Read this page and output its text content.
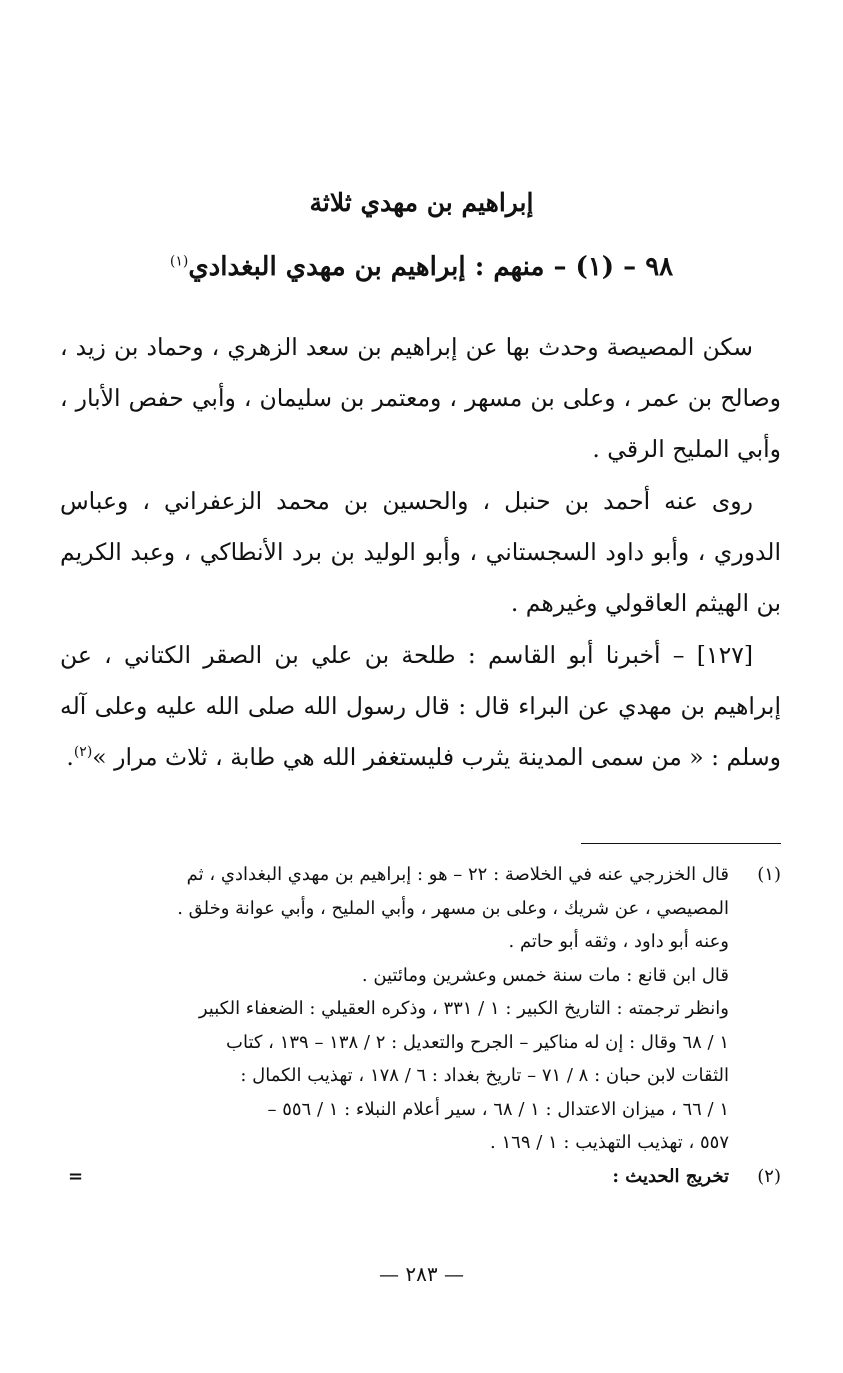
إبراهيم بن مهدي ثلاثة
٩٨ – (١) – منهم : إبراهيم بن مهدي البغدادي$^{(١)}$

سكن المصيصة وحدث بها عن إبراهيم بن سعد الزهري ، وحماد بن زيد ، وصالح بن عمر ، وعلى بن مسهر ، ومعتمر بن سليمان ، وأبي حفص الأبار ، وأبي المليح الرقي .

روى عنه أحمد بن حنبل ، والحسين بن محمد الزعفراني ، وعباس الدوري ، وأبو داود السجستاني ، وأبو الوليد بن برد الأنطاكي ، وعبد الكريم بن الهيثم العاقولي وغيرهم .

[١٢٧] – أخبرنا أبو القاسم : طلحة بن علي بن الصقر الكتاني ، عن إبراهيم بن مهدي عن البراء قال : قال رسول الله صلى الله عليه وعلى آله وسلم : « من سمى المدينة يثرب فليستغفر الله هي طابة ، ثلاث مرار »$^{(٢)}$.

(١)
قال الخزرجي عنه في الخلاصة : ٢٢ – هو : إبراهيم بن مهدي البغدادي ، ثم
المصيصي ، عن شريك ، وعلى بن مسهر ، وأبي المليح ، وأبي عوانة وخلق .
وعنه أبو داود ، وثقه أبو حاتم .
قال ابن قانع : مات سنة خمس وعشرين ومائتين .
وانظر ترجمته : التاريخ الكبير : ١ / ٣٣١ ، وذكره العقيلي : الضعفاء الكبير
١ / ٦٨ وقال : إن له مناكير – الجرح والتعديل : ٢ / ١٣٨ – ١٣٩ ، كتاب
الثقات لابن حبان : ٨ / ٧١ – تاريخ بغداد : ٦ / ١٧٨ ، تهذيب الكمال :
١ / ٦٦ ، ميزان الاعتدال : ١ / ٦٨ ، سير أعلام النبلاء : ١ / ٥٥٦ –
٥٥٧ ، تهذيب التهذيب : ١ / ١٦٩ .
(٢)
تخريج الحديث :
=

— ٢٨٣ —
